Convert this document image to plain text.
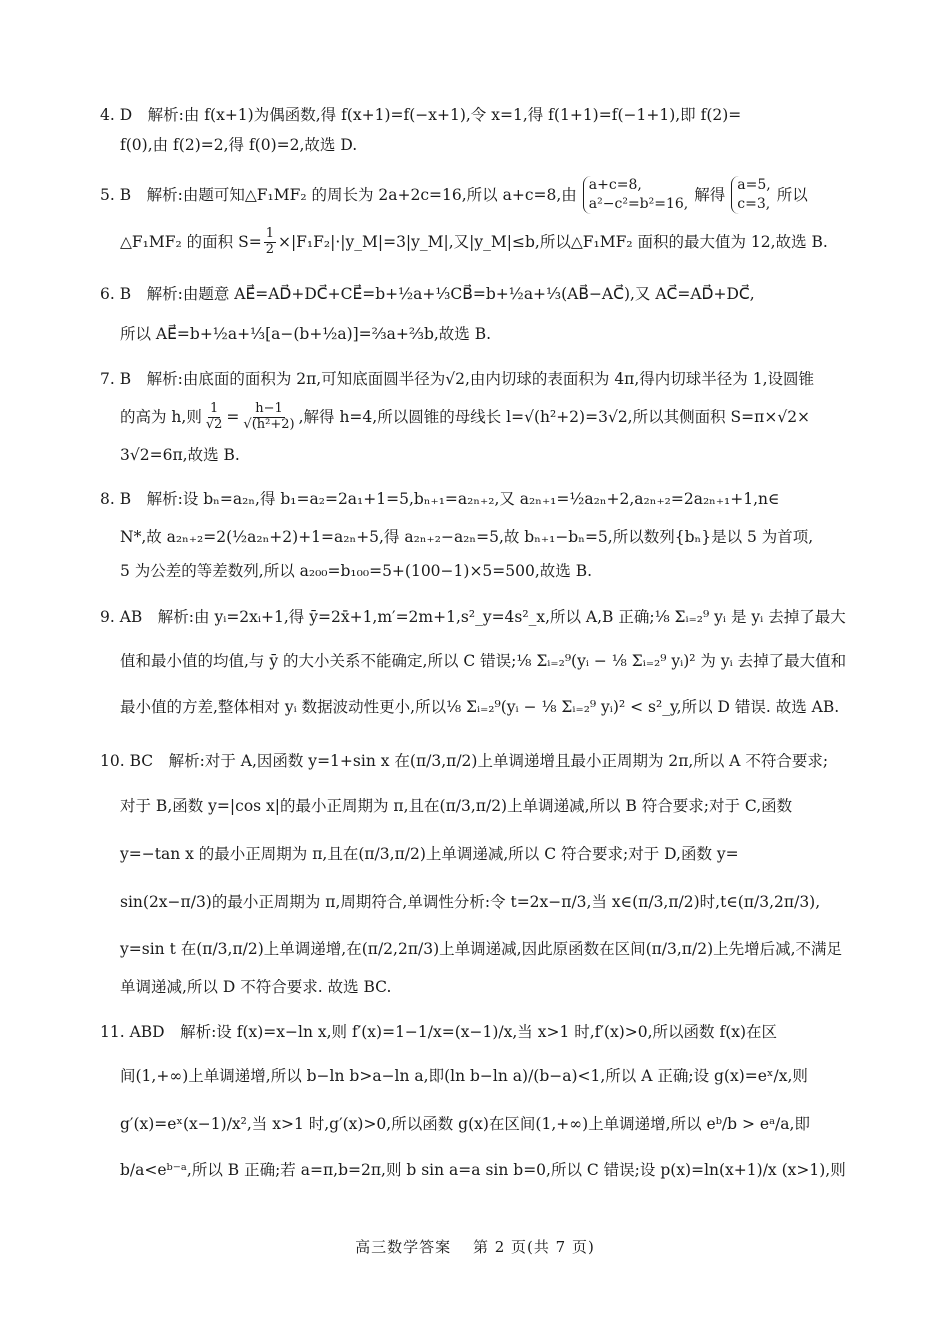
4. D　解析:由 f(x+1)为偶函数,得 f(x+1)=f(−x+1),令 x=1,得 f(1+1)=f(−1+1),即 f(2)=
f(0),由 f(2)=2,得 f(0)=2,故选 D.
5. B　解析:由题可知△F₁MF₂ 的周长为 2a+2c=16,所以 a+c=8,由
a+c=8,
a²−c²=b²=16,
解得
a=5,
c=3,
所以
△F₁MF₂ 的面积 $S= \frac{1}{2}$ ×|F₁F₂|·|y_M|=3|y_M|,又|y_M|≤b,所以△F₁MF₂ 面积的最大值为 12,故选 B.
6. B　解析:由题意 AE⃗=AD⃗+DC⃗+CE⃗=b+½a+⅓CB⃗=b+½a+⅓(AB⃗−AC⃗),又 AC⃗=AD⃗+DC⃗,
所以 AE⃗=b+½a+⅓[a−(b+½a)]=⅔a+⅔b,故选 B.
7. B　解析:由底面的面积为 2π,可知底面圆半径为√2,由内切球的表面积为 4π,得内切球半径为 1,设圆锥
的高为 h,则 $\frac{1}{√2} = \frac{h-1}{\text{√(h²+2)}}$ ,解得 h=4,所以圆锥的母线长 l=√(h²+2)=3√2,所以其侧面积 S=π×√2×
3√2=6π,故选 B.
8. B　解析:设 bₙ=a₂ₙ,得 b₁=a₂=2a₁+1=5,bₙ₊₁=a₂ₙ₊₂,又 a₂ₙ₊₁=½a₂ₙ+2,a₂ₙ₊₂=2a₂ₙ₊₁+1,n∈
N*,故 a₂ₙ₊₂=2(½a₂ₙ+2)+1=a₂ₙ+5,得 a₂ₙ₊₂−a₂ₙ=5,故 bₙ₊₁−bₙ=5,所以数列{bₙ}是以 5 为首项,
5 为公差的等差数列,所以 a₂₀₀=b₁₀₀=5+(100−1)×5=500,故选 B.
9. AB　解析:由 yᵢ=2xᵢ+1,得 ȳ=2x̄+1,m′=2m+1,s²_y=4s²_x,所以 A,B 正确;⅛ Σᵢ₌₂⁹ yᵢ 是 yᵢ 去掉了最大
值和最小值的均值,与 ȳ 的大小关系不能确定,所以 C 错误;⅛ Σᵢ₌₂⁹(yᵢ − ⅛ Σᵢ₌₂⁹ yᵢ)² 为 yᵢ 去掉了最大值和
最小值的方差,整体相对 yᵢ 数据波动性更小,所以⅛ Σᵢ₌₂⁹(yᵢ − ⅛ Σᵢ₌₂⁹ yᵢ)² < s²_y,所以 D 错误. 故选 AB.
10. BC　解析:对于 A,因函数 y=1+sin x 在(π/3,π/2)上单调递增且最小正周期为 2π,所以 A 不符合要求;
对于 B,函数 y=|cos x|的最小正周期为 π,且在(π/3,π/2)上单调递减,所以 B 符合要求;对于 C,函数
y=−tan x 的最小正周期为 π,且在(π/3,π/2)上单调递减,所以 C 符合要求;对于 D,函数 y=
sin(2x−π/3)的最小正周期为 π,周期符合,单调性分析:令 t=2x−π/3,当 x∈(π/3,π/2)时,t∈(π/3,2π/3),
y=sin t 在(π/3,π/2)上单调递增,在(π/2,2π/3)上单调递减,因此原函数在区间(π/3,π/2)上先增后减,不满足
单调递减,所以 D 不符合要求. 故选 BC.
11. ABD　解析:设 f(x)=x−ln x,则 f′(x)=1−1/x=(x−1)/x,当 x>1 时,f′(x)>0,所以函数 f(x)在区
间(1,+∞)上单调递增,所以 b−ln b>a−ln a,即(ln b−ln a)/(b−a)<1,所以 A 正确;设 g(x)=eˣ/x,则
g′(x)=eˣ(x−1)/x²,当 x>1 时,g′(x)>0,所以函数 g(x)在区间(1,+∞)上单调递增,所以 eᵇ/b > eᵃ/a,即
b/a<eᵇ⁻ᵃ,所以 B 正确;若 a=π,b=2π,则 b sin a=a sin b=0,所以 C 错误;设 p(x)=ln(x+1)/x (x>1),则
高三数学答案 第 2 页(共 7 页)
